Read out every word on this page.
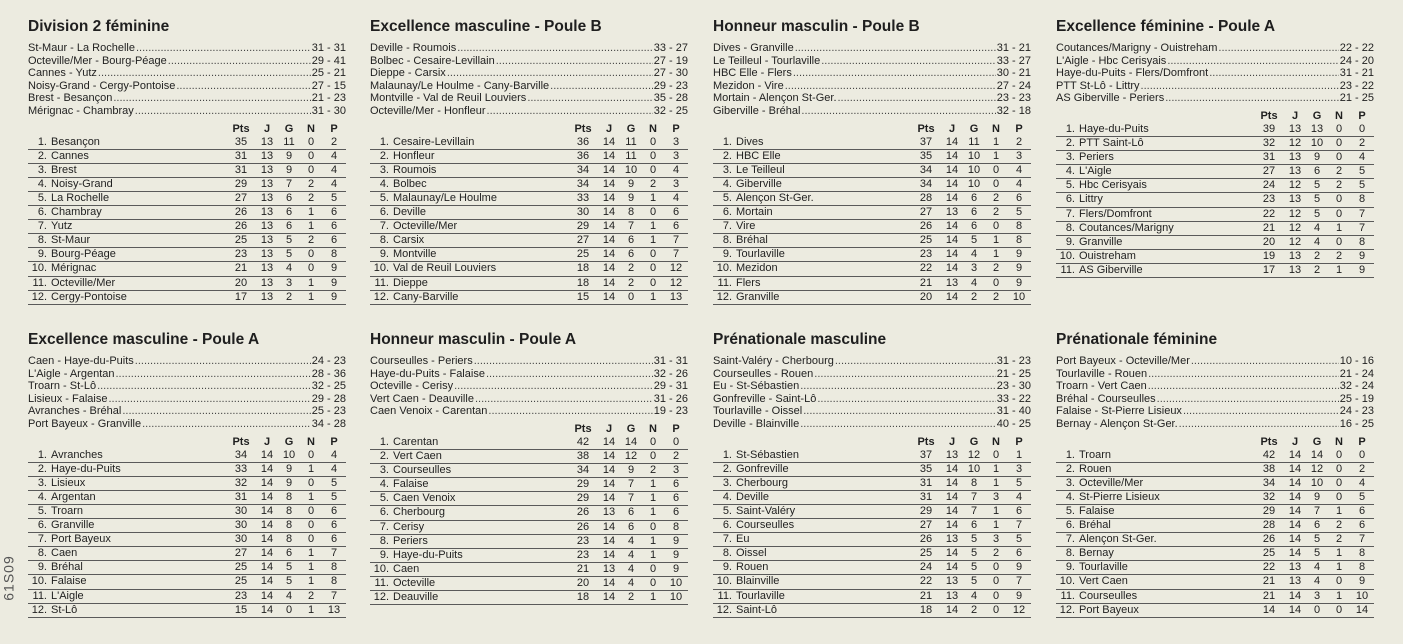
61S09
Division 2 féminine
St-Maur - La Rochelle .....	31 - 31
Octeville/Mer - Bourg-Péage .....	29 - 41
Cannes - Yutz .....	25 - 21
Noisy-Grand - Cergy-Pontoise .....	27 - 15
Brest - Besançon .....	21 - 23
Mérignac - Chambray .....	31 - 30
	Pts	J	G	N	P
1. Besançon	35	13	11	0	2
2. Cannes	31	13	9	0	4
3. Brest	31	13	9	0	4
4. Noisy-Grand	29	13	7	2	4
5. La Rochelle	27	13	6	2	5
6. Chambray	26	13	6	1	6
7. Yutz	26	13	6	1	6
8. St-Maur	25	13	5	2	6
9. Bourg-Péage	23	13	5	0	8
10. Mérignac	21	13	4	0	9
11. Octeville/Mer	20	13	3	1	9
12. Cergy-Pontoise	17	13	2	1	9
Excellence masculine - Poule B
Deville - Roumois .....	33 - 27
Bolbec - Cesaire-Levillain .....	27 - 19
Dieppe - Carsix .....	27 - 30
Malaunay/Le Houlme - Cany-Barville .....	29 - 23
Montville - Val de Reuil Louviers .....	35 - 28
Octeville/Mer - Honfleur .....	32 - 25
	Pts	J	G	N	P
1. Cesaire-Levillain	36	14	11	0	3
2. Honfleur	36	14	11	0	3
3. Roumois	34	14	10	0	4
4. Bolbec	34	14	9	2	3
5. Malaunay/Le Houlme	33	14	9	1	4
6. Deville	30	14	8	0	6
7. Octeville/Mer	29	14	7	1	6
8. Carsix	27	14	6	1	7
9. Montville	25	14	6	0	7
10. Val de Reuil Louviers	18	14	2	0	12
11. Dieppe	18	14	2	0	12
12. Cany-Barville	15	14	0	1	13
Honneur masculin - Poule B
Dives - Granville .....	31 - 21
Le Teilleul - Tourlaville .....	33 - 27
HBC Elle - Flers .....	30 - 21
Mezidon - Vire .....	27 - 24
Mortain - Alençon St-Ger. .....	23 - 23
Giberville - Bréhal .....	32 - 18
	Pts	J	G	N	P
1. Dives	37	14	11	1	2
2. HBC Elle	35	14	10	1	3
3. Le Teilleul	34	14	10	0	4
4. Giberville	34	14	10	0	4
5. Alençon St-Ger.	28	14	6	2	6
6. Mortain	27	13	6	2	5
7. Vire	26	14	6	0	8
8. Bréhal	25	14	5	1	8
9. Tourlaville	23	14	4	1	9
10. Mezidon	22	14	3	2	9
11. Flers	21	13	4	0	9
12. Granville	20	14	2	2	10
Excellence féminine - Poule A
Coutances/Marigny - Ouistreham .....	22 - 22
L'Aigle - Hbc Cerisyais .....	24 - 20
Haye-du-Puits - Flers/Domfront .....	31 - 21
PTT St-Lô - Littry .....	23 - 22
AS Giberville - Periers .....	21 - 25
	Pts	J	G	N	P
1. Haye-du-Puits	39	13	13	0	0
2. PTT Saint-Lô	32	12	10	0	2
3. Periers	31	13	9	0	4
4. L'Aigle	27	13	6	2	5
5. Hbc Cerisyais	24	12	5	2	5
6. Littry	23	13	5	0	8
7. Flers/Domfront	22	12	5	0	7
8. Coutances/Marigny	21	12	4	1	7
9. Granville	20	12	4	0	8
10. Ouistreham	19	13	2	2	9
11. AS Giberville	17	13	2	1	9
Excellence masculine - Poule A
Caen - Haye-du-Puits .....	24 - 23
L'Aigle - Argentan .....	28 - 36
Troarn - St-Lô .....	32 - 25
Lisieux - Falaise .....	29 - 28
Avranches - Bréhal .....	25 - 23
Port Bayeux - Granville .....	34 - 28
	Pts	J	G	N	P
1. Avranches	34	14	10	0	4
2. Haye-du-Puits	33	14	9	1	4
3. Lisieux	32	14	9	0	5
4. Argentan	31	14	8	1	5
5. Troarn	30	14	8	0	6
6. Granville	30	14	8	0	6
7. Port Bayeux	30	14	8	0	6
8. Caen	27	14	6	1	7
9. Bréhal	25	14	5	1	8
10. Falaise	25	14	5	1	8
11. L'Aigle	23	14	4	2	7
12. St-Lô	15	14	0	1	13
Honneur masculin - Poule A
Courseulles - Periers .....	31 - 31
Haye-du-Puits - Falaise .....	32 - 26
Octeville - Cerisy .....	29 - 31
Vert Caen - Deauville .....	31 - 26
Caen Venoix - Carentan .....	19 - 23
	Pts	J	G	N	P
1. Carentan	42	14	14	0	0
2. Vert Caen	38	14	12	0	2
3. Courseulles	34	14	9	2	3
4. Falaise	29	14	7	1	6
5. Caen Venoix	29	14	7	1	6
6. Cherbourg	26	13	6	1	6
7. Cerisy	26	14	6	0	8
8. Periers	23	14	4	1	9
9. Haye-du-Puits	23	14	4	1	9
10. Caen	21	13	4	0	9
11. Octeville	20	14	4	0	10
12. Deauville	18	14	2	1	10
Prénationale masculine
Saint-Valéry - Cherbourg .....	31 - 23
Courseulles - Rouen .....	21 - 25
Eu - St-Sébastien .....	23 - 30
Gonfreville - Saint-Lô .....	33 - 22
Tourlaville - Oissel .....	31 - 40
Deville - Blainville .....	40 - 25
	Pts	J	G	N	P
1. St-Sébastien	37	13	12	0	1
2. Gonfreville	35	14	10	1	3
3. Cherbourg	31	14	8	1	5
4. Deville	31	14	7	3	4
5. Saint-Valéry	29	14	7	1	6
6. Courseulles	27	14	6	1	7
7. Eu	26	13	5	3	5
8. Oissel	25	14	5	2	6
9. Rouen	24	14	5	0	9
10. Blainville	22	13	5	0	7
11. Tourlaville	21	13	4	0	9
12. Saint-Lô	18	14	2	0	12
Prénationale féminine
Port Bayeux - Octeville/Mer .....	10 - 16
Tourlaville - Rouen .....	21 - 24
Troarn - Vert Caen .....	32 - 24
Bréhal - Courseulles .....	25 - 19
Falaise - St-Pierre Lisieux .....	24 - 23
Bernay - Alençon St-Ger. .....	16 - 25
	Pts	J	G	N	P
1. Troarn	42	14	14	0	0
2. Rouen	38	14	12	0	2
3. Octeville/Mer	34	14	10	0	4
4. St-Pierre Lisieux	32	14	9	0	5
5. Falaise	29	14	7	1	6
6. Bréhal	28	14	6	2	6
7. Alençon St-Ger.	26	14	5	2	7
8. Bernay	25	14	5	1	8
9. Tourlaville	22	13	4	1	8
10. Vert Caen	21	13	4	0	9
11. Courseulles	21	14	3	1	10
12. Port Bayeux	14	14	0	0	14
